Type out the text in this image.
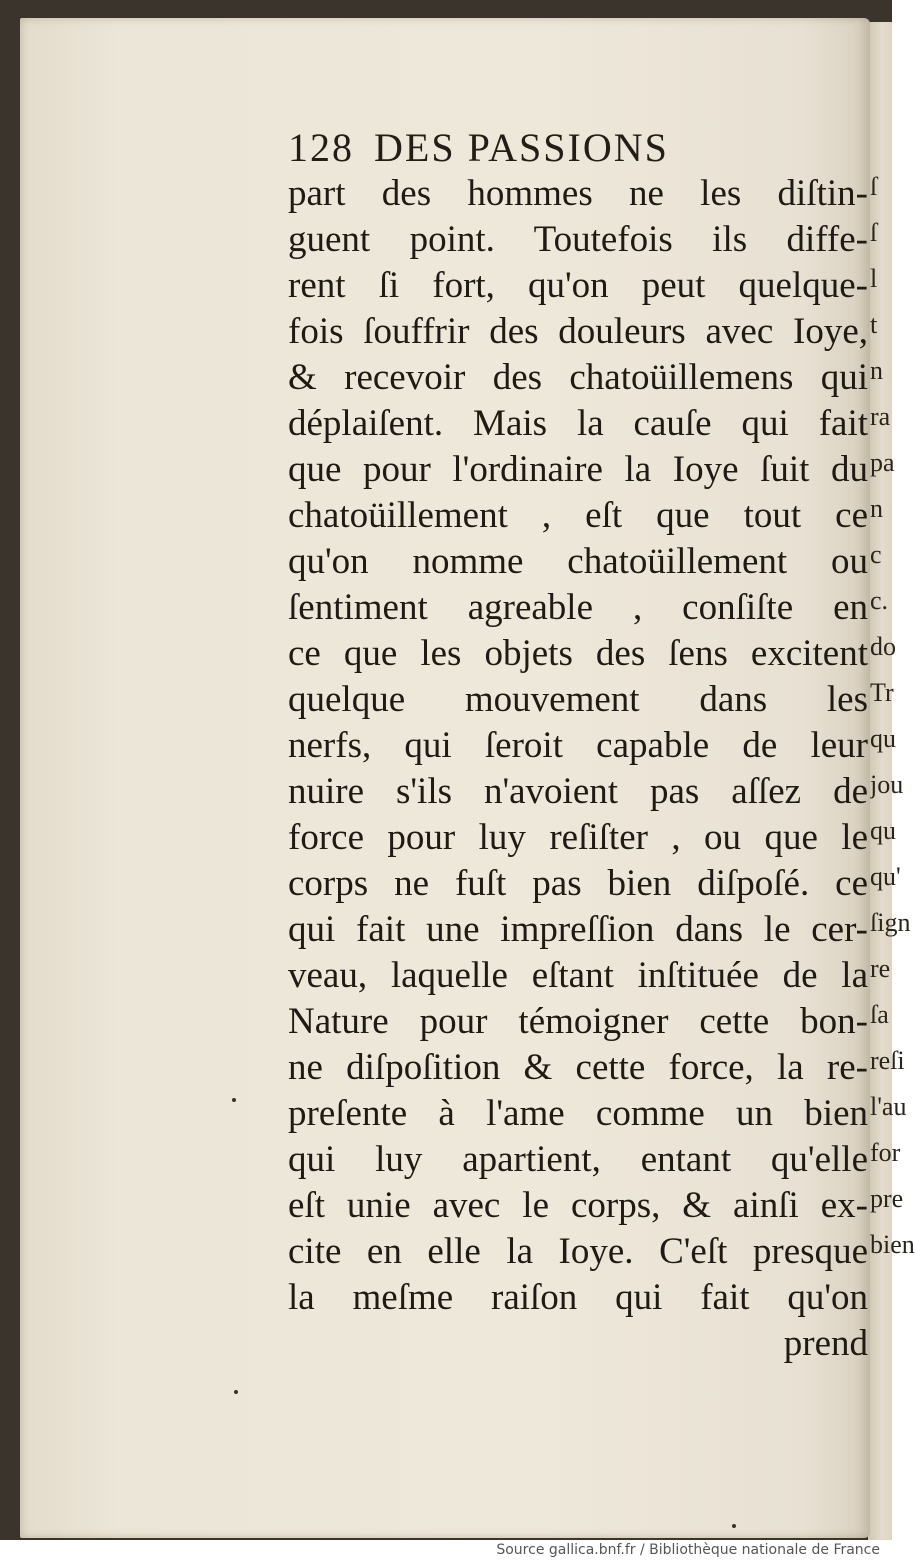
ſ
ſ
l
t
n
ra
pa
n
c
c.
do
Tr
qu
jou
qu
qu'
ſign
re
ſa
reſi
l'au
for
pre
bien
128 DES PASSIONS
part des hommes ne les diſtin-
guent point. Toutefois ils diffe-
rent ſi fort, qu'on peut quelque-
fois ſouffrir des douleurs avec Ioye,
& recevoir des chatoüillemens qui
déplaiſent. Mais la cauſe qui fait
que pour l'ordinaire la Ioye ſuit du
chatoüillement , eſt que tout ce
qu'on nomme chatoüillement ou
ſentiment agreable , conſiſte en
ce que les objets des ſens excitent
quelque mouvement dans les
nerfs, qui ſeroit capable de leur
nuire s'ils n'avoient pas aſſez de
force pour luy reſiſter , ou que le
corps ne fuſt pas bien diſpoſé. ce
qui fait une impreſſion dans le cer-
veau, laquelle eſtant inſtituée de la
Nature pour témoigner cette bon-
ne diſpoſition & cette force, la re-
preſente à l'ame comme un bien
qui luy apartient, entant qu'elle
eſt unie avec le corps, & ainſi ex-
cite en elle la Ioye. C'eſt presque
la meſme raiſon qui fait qu'on
prend
Source gallica.bnf.fr / Bibliothèque nationale de France
